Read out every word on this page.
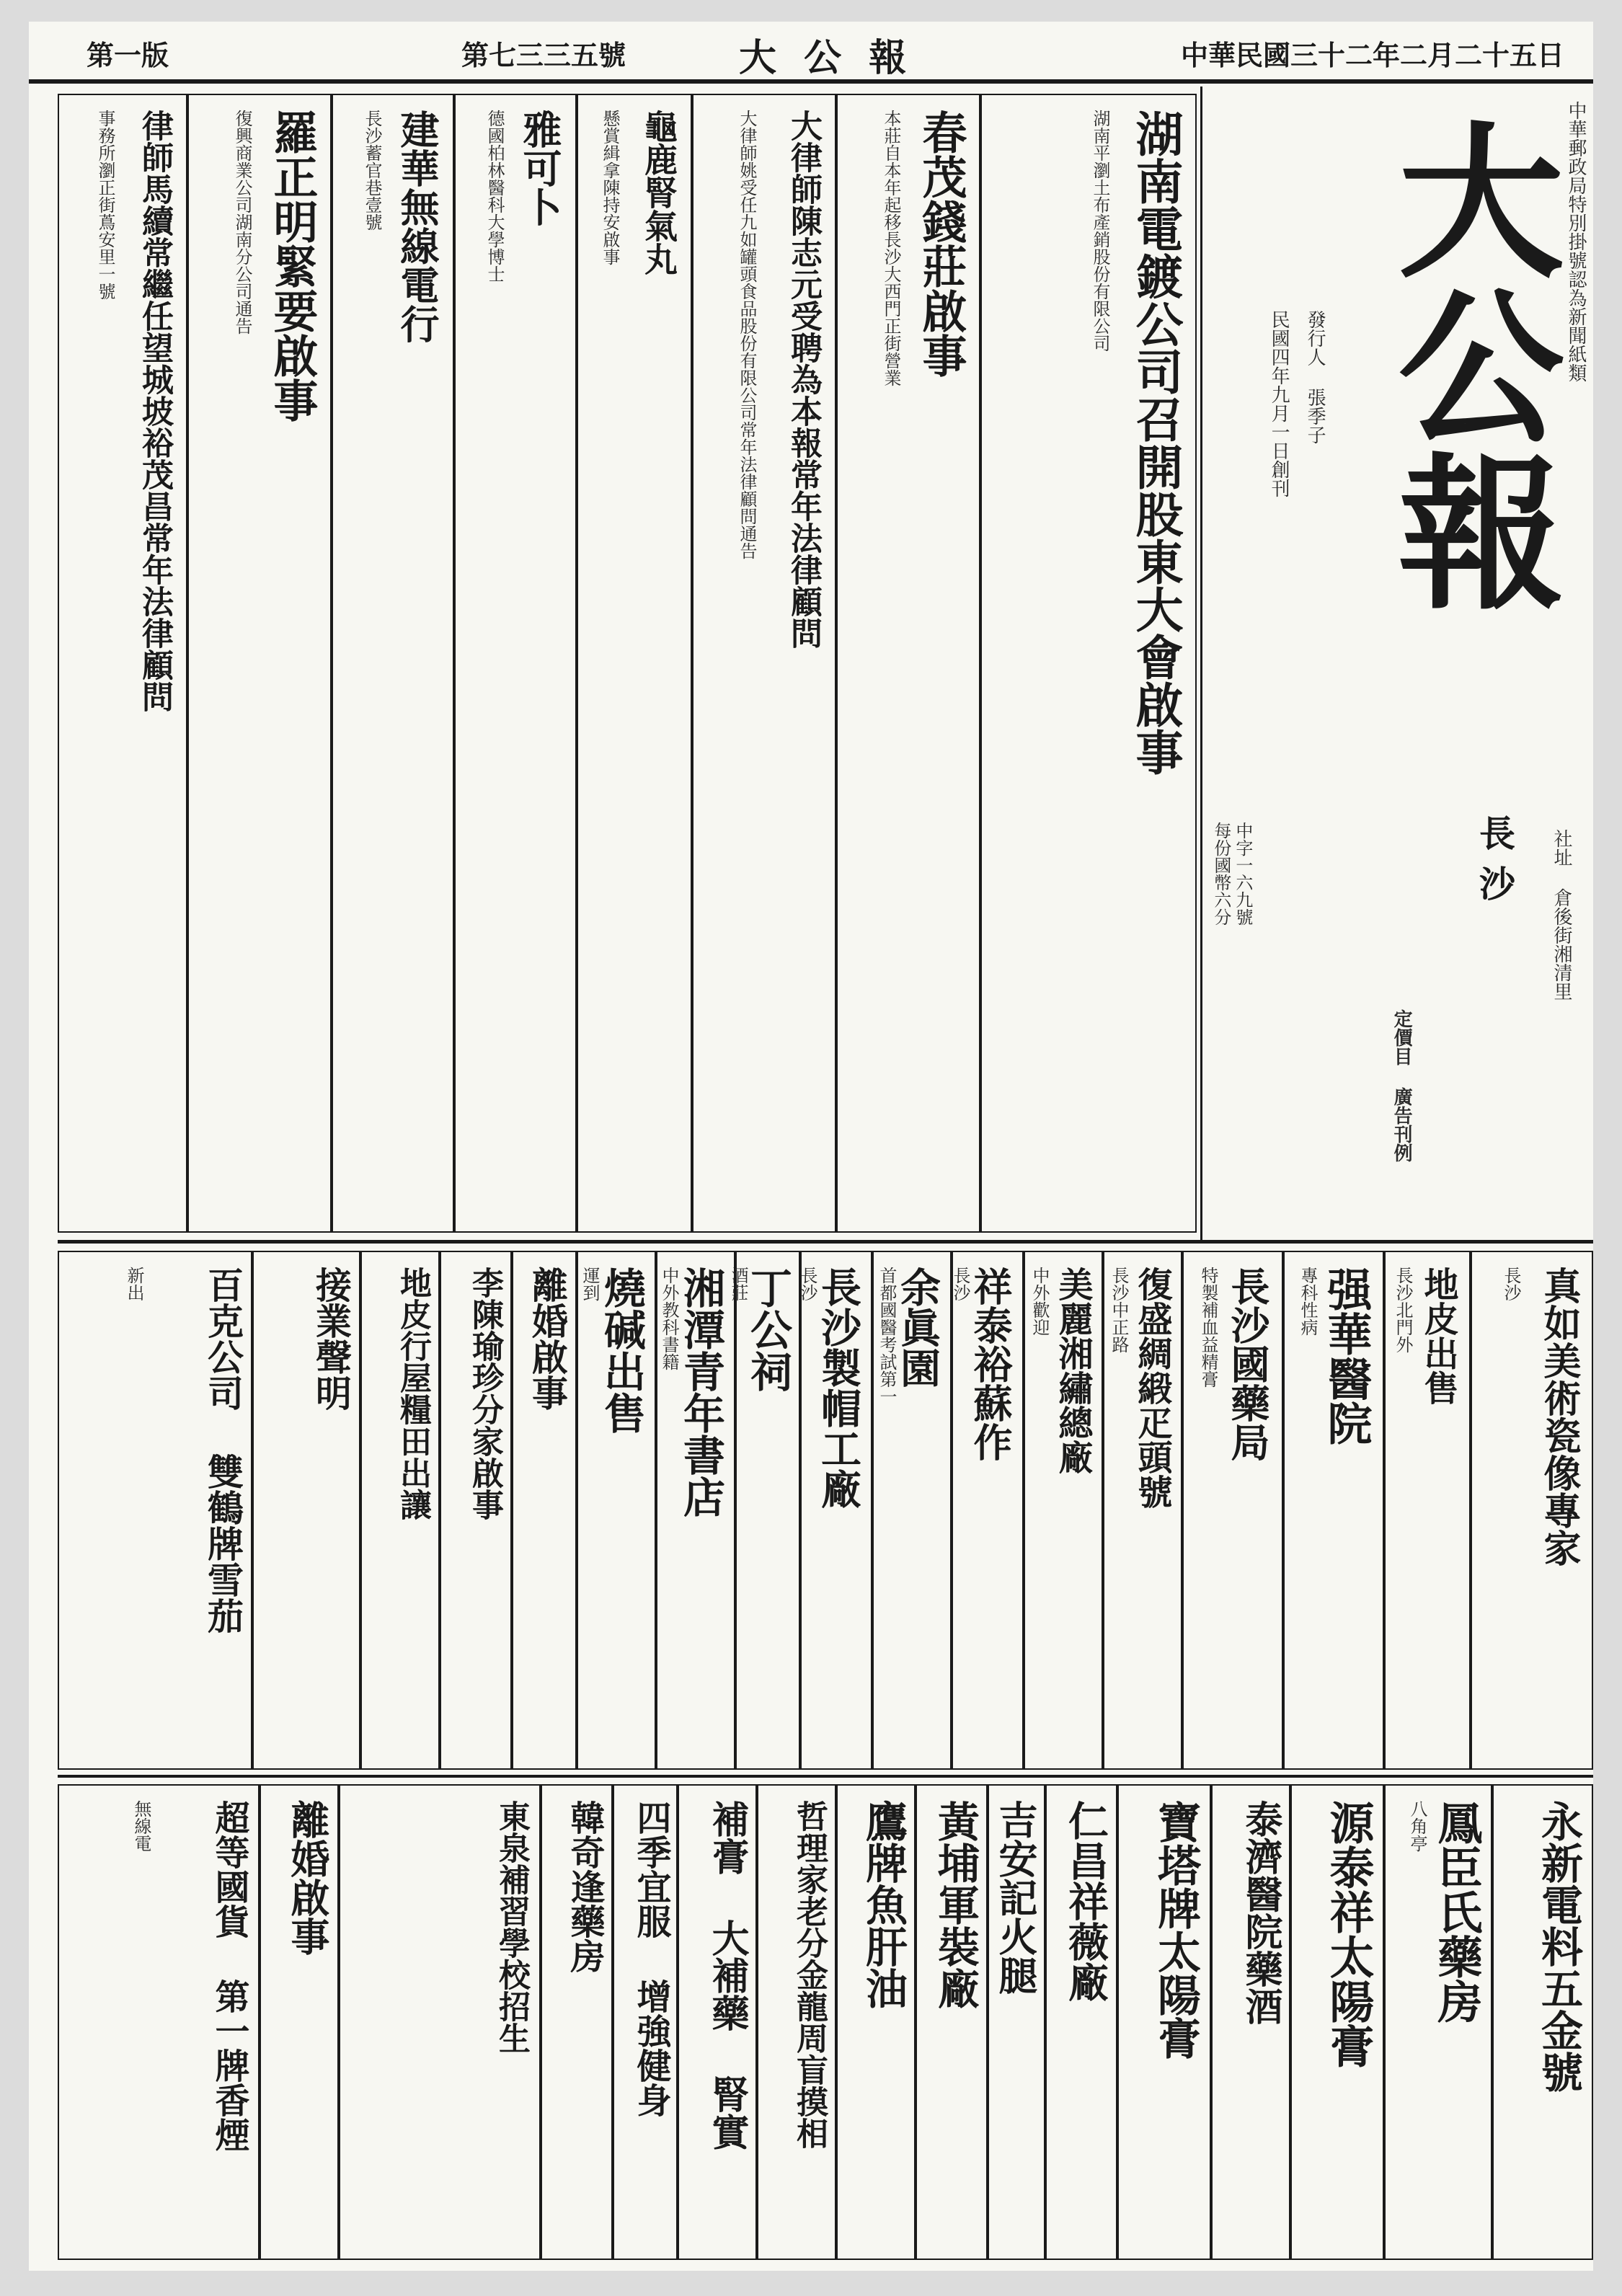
中華民國三十二年二月二十五日
大 公 報
第七三三五號
第一版
中華郵政局特別掛號認為新聞紙類
大公報
發行人 張季子
民國四年九月一日創刊
長沙 社址 倉後街湘清里
中字一六九號
每份國幣六分
定價目 廣告刊例
湖南電鍍公司召開股東大會啟事
湖南平瀏土布產銷股份有限公司
春茂錢莊啟事
本莊自本年起移長沙大西門正街營業
大律師陳志元受聘為本報常年法律顧問
大律師姚受任九如罐頭食品股份有限公司常年法律顧問通告
龜鹿腎氣丸
懸賞緝拿陳持安啟事
雅可卜
德國柏林醫科大學博士
建華無線電行
長沙蓄官巷壹號
羅正明緊要啟事
復興商業公司湖南分公司通告
律師馬續常繼任望城坡裕茂昌常年法律顧問
事務所瀏正街蔦安里一號
真如美術瓷像專家
長沙
地皮出售
長沙北門外
强華醫院
專科性病
長沙國藥局
特製補血益精膏
復盛綢緞疋頭號
長沙中正路
美麗湘繡總廠
中外歡迎
祥泰裕蘇作
長沙
余眞園
首都國醫考試第一
長沙製帽工廠
長沙
丁公祠
酒莊
湘潭青年書店
中外教科書籍
燒碱出售
運到
離婚啟事
李陳瑜珍分家啟事
地皮行屋糧田出讓
接業聲明
百克公司 雙鶴牌雪茄
新出
永新電料五金號
鳳臣氏藥房
八角亭
源泰祥太陽膏
泰濟醫院藥酒
寶塔牌太陽膏
仁昌祥薇廠
吉安記火腿
黃埔軍裝廠
鷹牌魚肝油
哲理家老分金龍周盲摸相
補膏 大補藥 腎實
四季宜服 增強健身
韓奇逢藥房
東泉補習學校招生
離婚啟事
超等國貨 第一牌香煙
無線電
